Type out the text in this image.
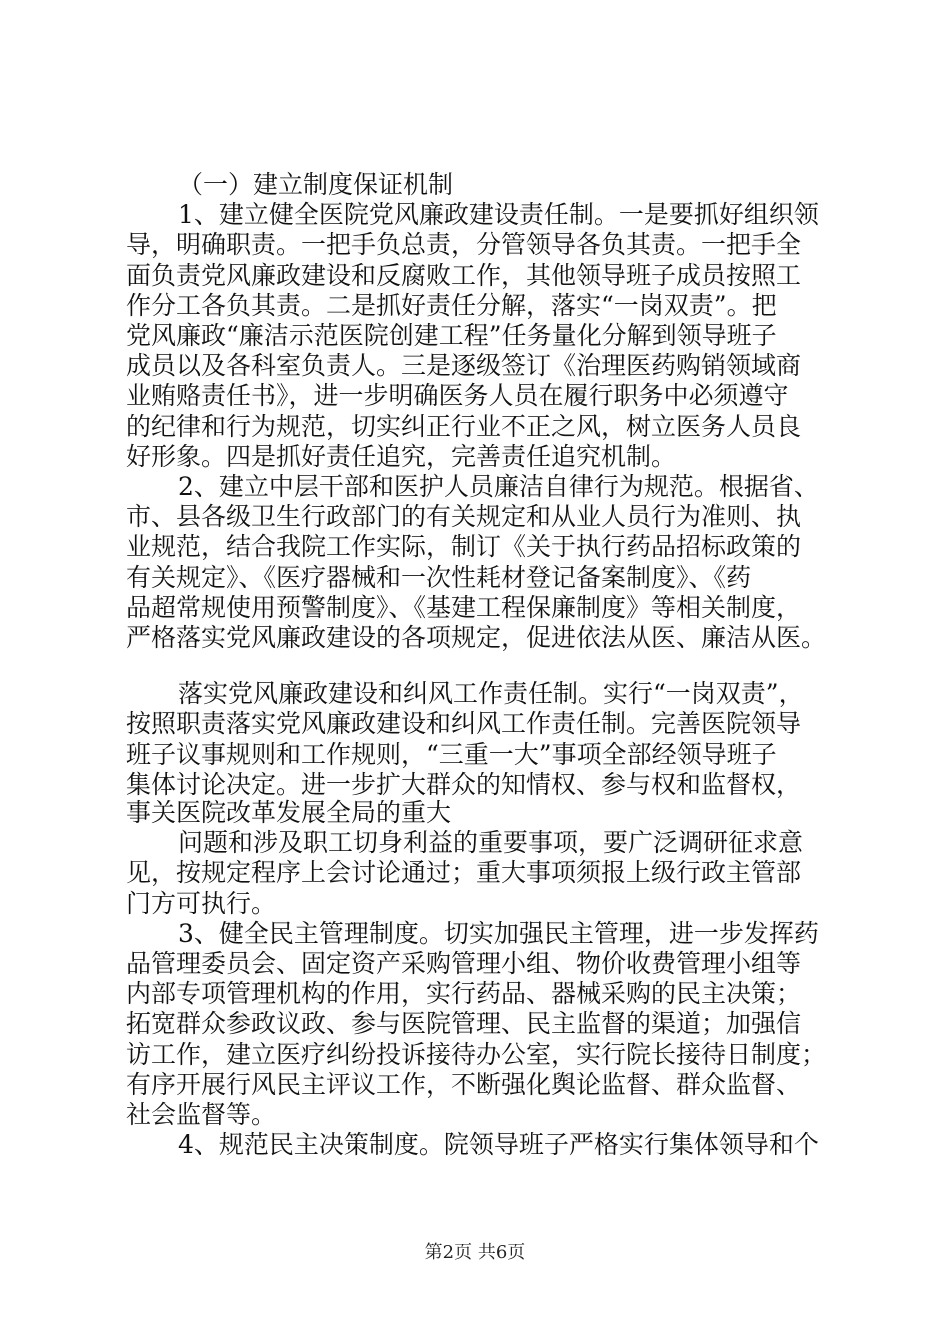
（一）建立制度保证机制
1、建立健全医院党风廉政建设责任制。一是要抓好组织领
导，明确职责。一把手负总责，分管领导各负其责。一把手全
面负责党风廉政建设和反腐败工作，其他领导班子成员按照工
作分工各负其责。二是抓好责任分解，落实“一岗双责”。把
党风廉政“廉洁示范医院创建工程”任务量化分解到领导班子
成员以及各科室负责人。三是逐级签订《治理医药购销领域商
业贿赂责任书》，进一步明确医务人员在履行职务中必须遵守
的纪律和行为规范，切实纠正行业不正之风，树立医务人员良
好形象。四是抓好责任追究，完善责任追究机制。
2、建立中层干部和医护人员廉洁自律行为规范。根据省、
市、县各级卫生行政部门的有关规定和从业人员行为准则、执
业规范，结合我院工作实际，制订《关于执行药品招标政策的
有关规定》、《医疗器械和一次性耗材登记备案制度》、《药
品超常规使用预警制度》、《基建工程保廉制度》等相关制度，
严格落实党风廉政建设的各项规定，促进依法从医、廉洁从医。
落实党风廉政建设和纠风工作责任制。实行“一岗双责”，
按照职责落实党风廉政建设和纠风工作责任制。完善医院领导
班子议事规则和工作规则，“三重一大”事项全部经领导班子
集体讨论决定。进一步扩大群众的知情权、参与权和监督权，
事关医院改革发展全局的重大
问题和涉及职工切身利益的重要事项，要广泛调研征求意
见，按规定程序上会讨论通过；重大事项须报上级行政主管部
门方可执行。
3、健全民主管理制度。切实加强民主管理，进一步发挥药
品管理委员会、固定资产采购管理小组、物价收费管理小组等
内部专项管理机构的作用，实行药品、器械采购的民主决策；
拓宽群众参政议政、参与医院管理、民主监督的渠道；加强信
访工作，建立医疗纠纷投诉接待办公室，实行院长接待日制度；
有序开展行风民主评议工作，不断强化舆论监督、群众监督、
社会监督等。
4、规范民主决策制度。院领导班子严格实行集体领导和个
第2页 共6页
